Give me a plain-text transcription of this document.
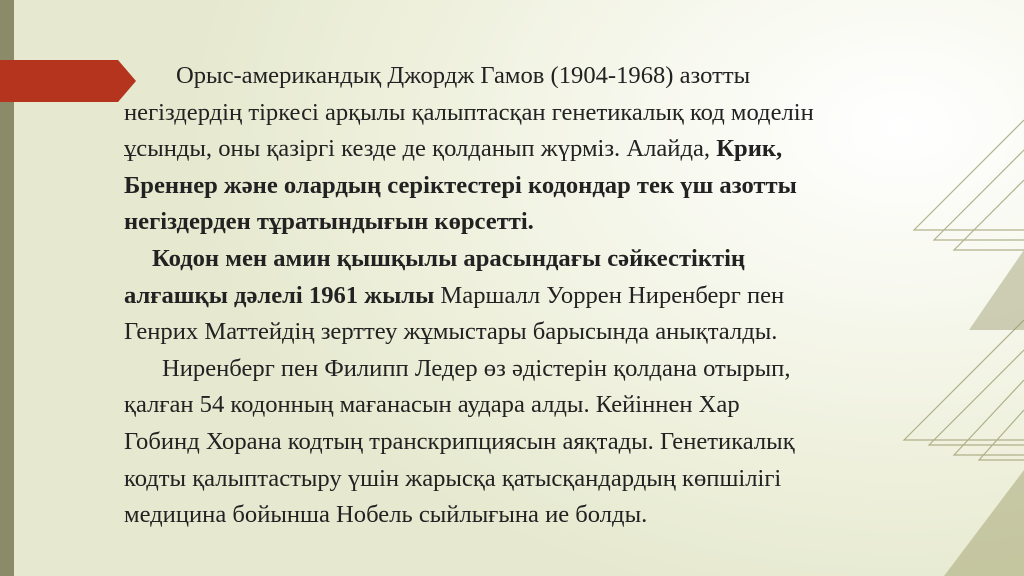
Орыс-американдық Джордж Гамов (1904-1968) азотты
негіздердің тіркесі арқылы қалыптасқан генетикалық код моделін
ұсынды, оны қазіргі кезде де қолданып жүрміз. Алайда, Крик,
Бреннер және олардың серіктестері кодондар тек үш азотты
негіздерден тұратындығын көрсетті.
Кодон мен амин қышқылы арасындағы сәйкестіктің
алғашқы дәлелі 1961 жылы Маршалл Уоррен Ниренберг пен
Генрих Маттейдің зерттеу жұмыстары барысында анықталды.
Ниренберг пен Филипп Ледер өз әдістерін қолдана отырып,
қалған 54 кодонның мағанасын аудара алды. Кейіннен Хар
Гобинд Хорана кодтың транскрипциясын аяқтады. Генетикалық
кодты қалыптастыру үшін жарысқа қатысқандардың көпшілігі
медицина бойынша Нобель сыйлығына ие болды.
